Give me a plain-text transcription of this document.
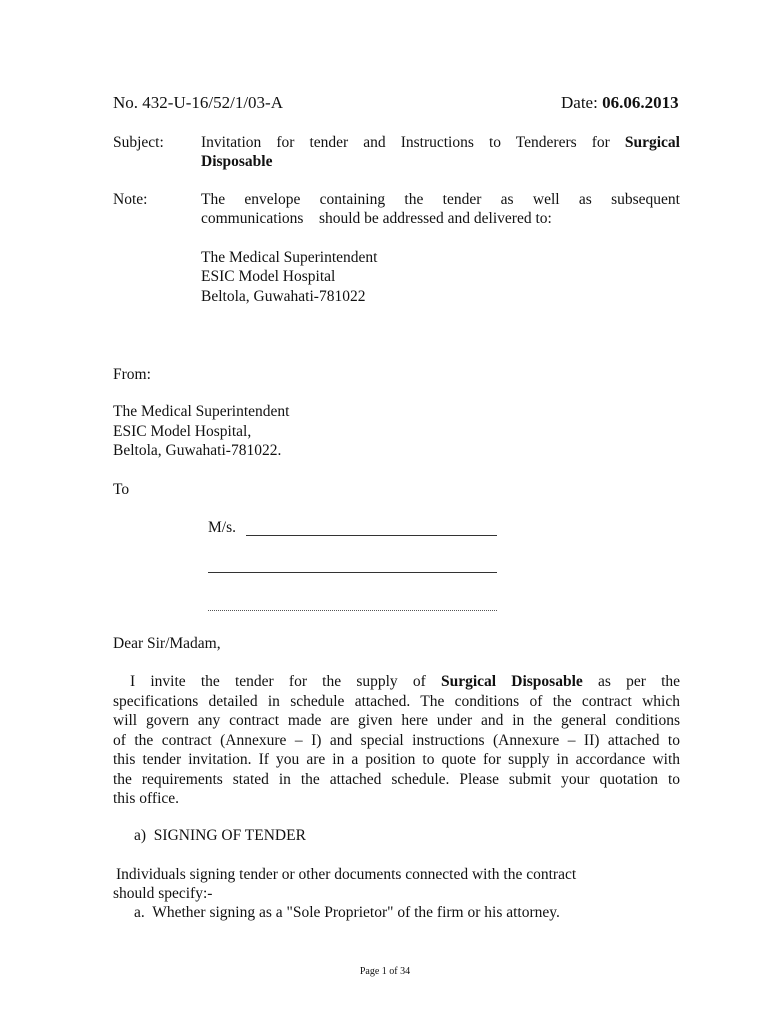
No. 432-U-16/52/1/03-A	Date: 06.06.2013
Subject: Invitation for tender and Instructions to Tenderers for Surgical
Disposable
Note:	The envelope containing the tender as well as subsequent
communications    should be addressed and delivered to:
The Medical Superintendent
ESIC Model Hospital
Beltola, Guwahati-781022
From:
The Medical Superintendent
ESIC Model Hospital,
Beltola, Guwahati-781022.
To
M/s.
Dear Sir/Madam,
I invite the tender for the supply of Surgical Disposable as per the
specifications detailed in schedule attached. The conditions of the contract which
will govern any contract made are given here under and in the general conditions
of the contract (Annexure – I) and special instructions (Annexure – II) attached to
this tender invitation. If you are in a position to quote for supply in accordance with
the requirements stated in the attached schedule. Please submit your quotation to
this office.
a)  SIGNING OF TENDER
Individuals signing tender or other documents connected with the contract
should specify:-
a.  Whether signing as a "Sole Proprietor" of the firm or his attorney.
Page 1 of 34
